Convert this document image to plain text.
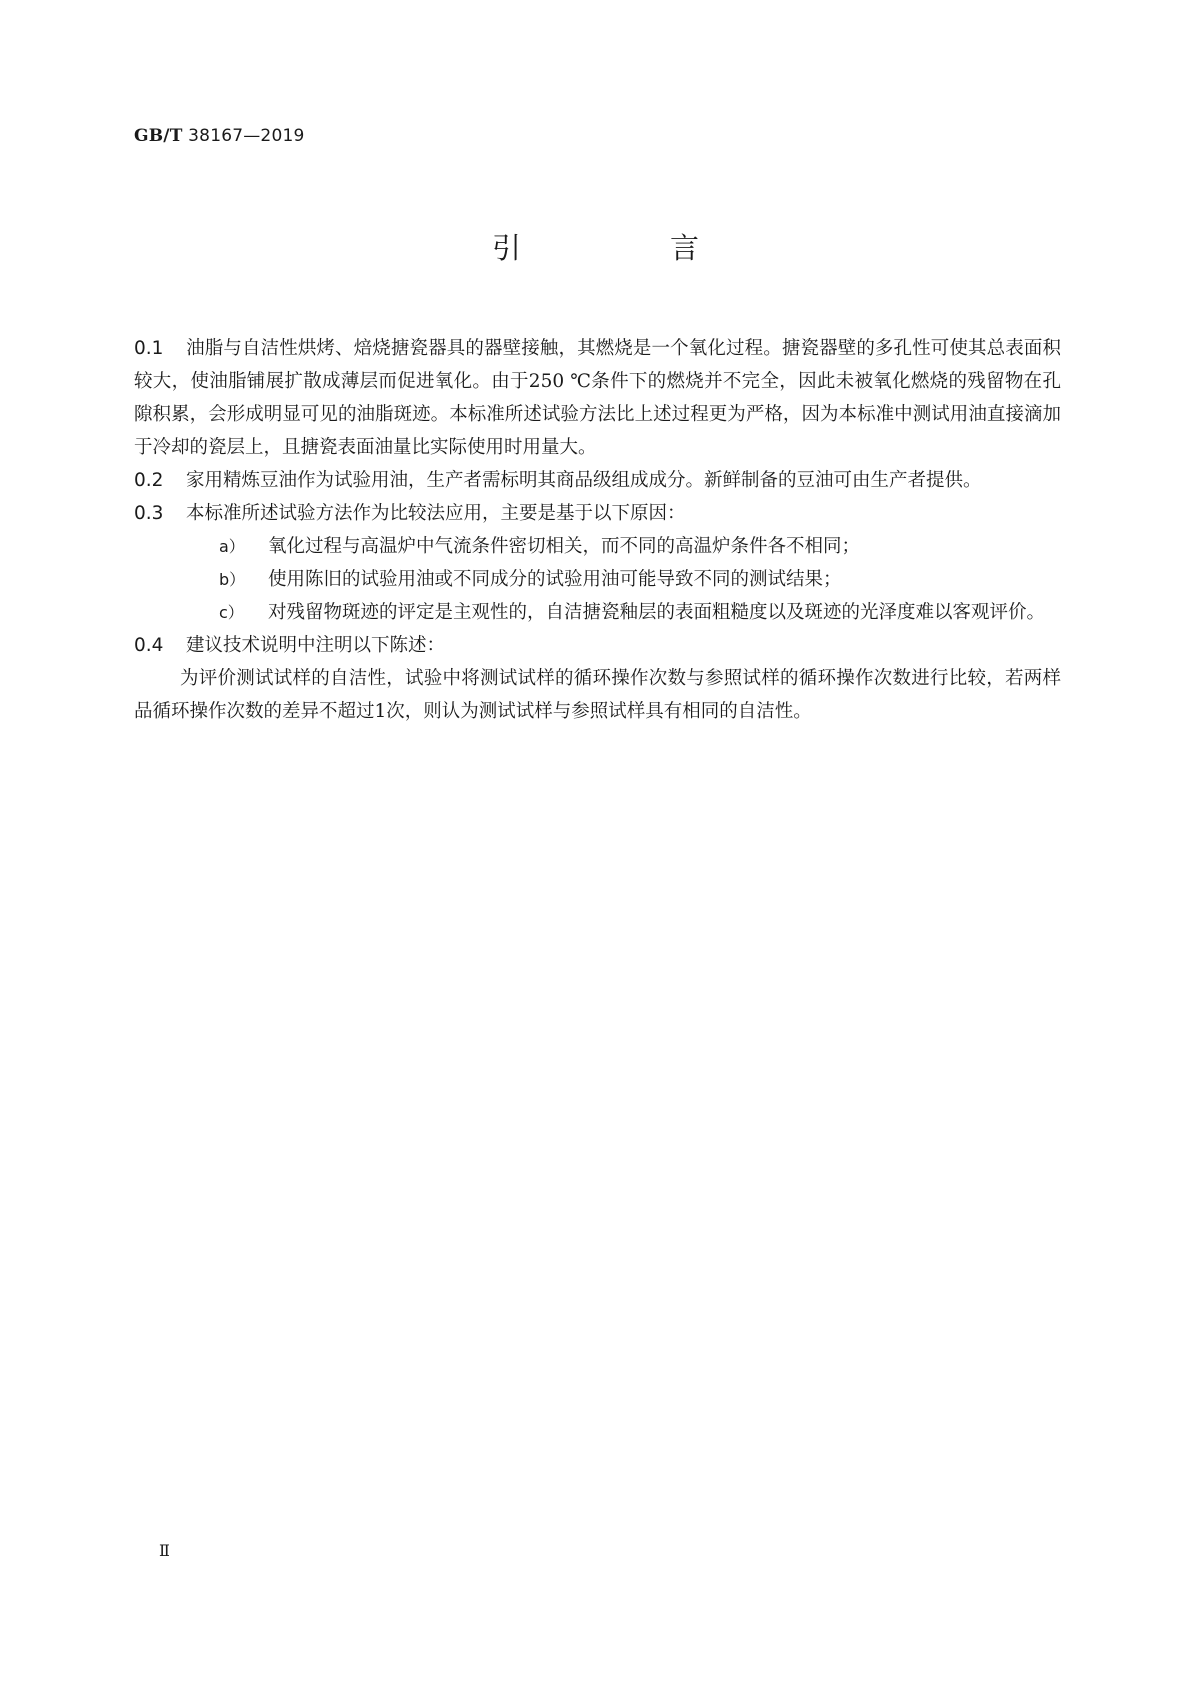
GB/T 38167—2019
引　言

0.1 油脂与自洁性烘烤、焙烧搪瓷器具的器壁接触，其燃烧是一个氧化过程。搪瓷器壁的多孔性可使其总表面积较大，使油脂铺展扩散成薄层而促进氧化。由于250 ℃条件下的燃烧并不完全，因此未被氧化燃烧的残留物在孔隙积累，会形成明显可见的油脂斑迹。本标准所述试验方法比上述过程更为严格，因为本标准中测试用油直接滴加于冷却的瓷层上，且搪瓷表面油量比实际使用时用量大。

0.2 家用精炼豆油作为试验用油，生产者需标明其商品级组成成分。新鲜制备的豆油可由生产者提供。

0.3 本标准所述试验方法作为比较法应用，主要是基于以下原因：

a） 氧化过程与高温炉中气流条件密切相关，而不同的高温炉条件各不相同；

b） 使用陈旧的试验用油或不同成分的试验用油可能导致不同的测试结果；

c） 对残留物斑迹的评定是主观性的，自洁搪瓷釉层的表面粗糙度以及斑迹的光泽度难以客观评价。

0.4 建议技术说明中注明以下陈述：

为评价测试试样的自洁性，试验中将测试试样的循环操作次数与参照试样的循环操作次数进行比较，若两样品循环操作次数的差异不超过1次，则认为测试试样与参照试样具有相同的自洁性。

Ⅱ
